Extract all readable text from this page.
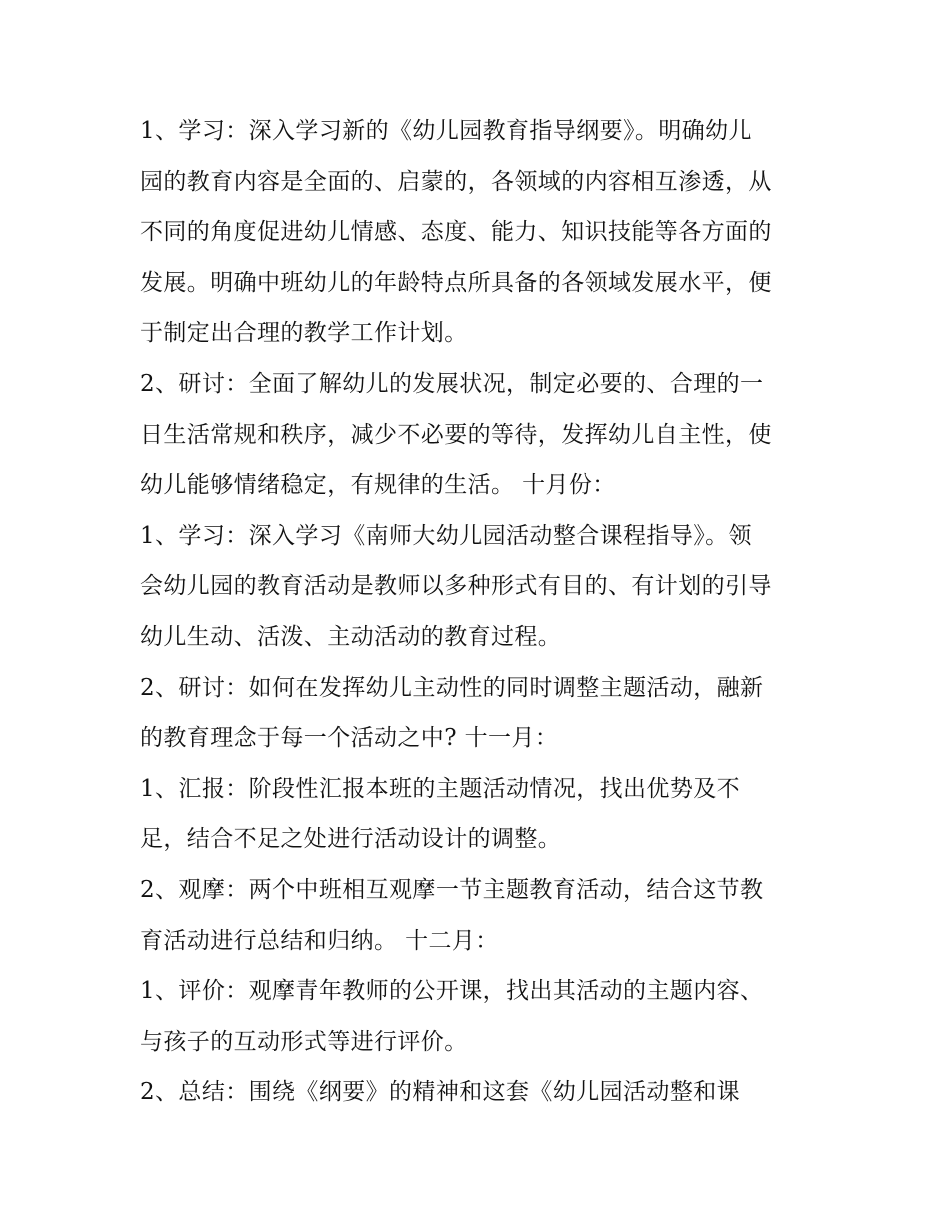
1、学习：深入学习新的《幼儿园教育指导纲要》。明确幼儿
园的教育内容是全面的、启蒙的，各领域的内容相互渗透，从
不同的角度促进幼儿情感、态度、能力、知识技能等各方面的
发展。明确中班幼儿的年龄特点所具备的各领域发展水平，便
于制定出合理的教学工作计划。
2、研讨：全面了解幼儿的发展状况，制定必要的、合理的一
日生活常规和秩序，减少不必要的等待，发挥幼儿自主性，使
幼儿能够情绪稳定，有规律的生活。 十月份：
1、学习：深入学习《南师大幼儿园活动整合课程指导》。领
会幼儿园的教育活动是教师以多种形式有目的、有计划的引导
幼儿生动、活泼、主动活动的教育过程。
2、研讨：如何在发挥幼儿主动性的同时调整主题活动，融新
的教育理念于每一个活动之中? 十一月：
1、汇报：阶段性汇报本班的主题活动情况，找出优势及不
足，结合不足之处进行活动设计的调整。
2、观摩：两个中班相互观摩一节主题教育活动，结合这节教
育活动进行总结和归纳。 十二月：
1、评价：观摩青年教师的公开课，找出其活动的主题内容、
与孩子的互动形式等进行评价。
2、总结：围绕《纲要》的精神和这套《幼儿园活动整和课
